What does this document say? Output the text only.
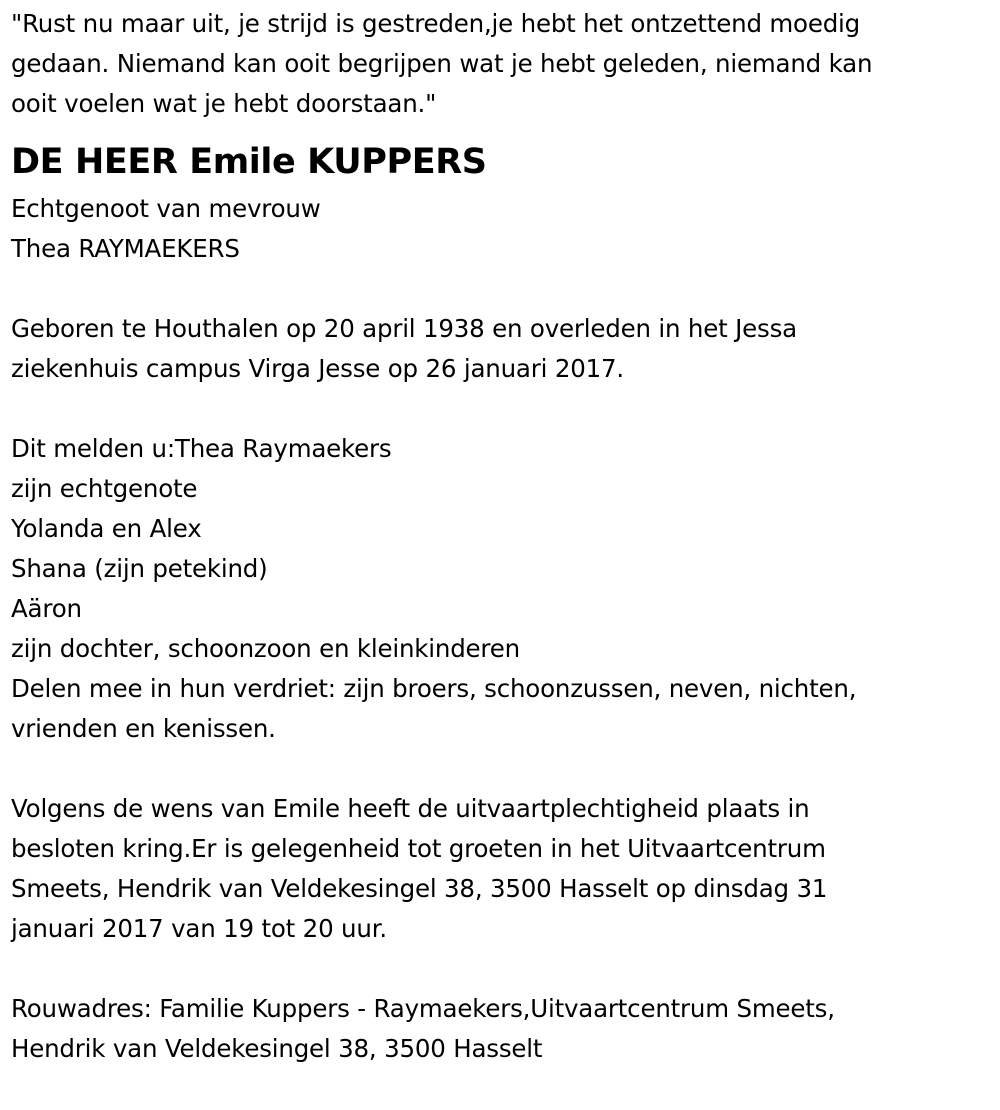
"Rust nu maar uit, je strijd is gestreden,je hebt het ontzettend moedig
gedaan. Niemand kan ooit begrijpen wat je hebt geleden, niemand kan
ooit voelen wat je hebt doorstaan."
DE HEER Emile KUPPERS
Echtgenoot van mevrouw
Thea RAYMAEKERS
Geboren te Houthalen op 20 april 1938 en overleden in het Jessa
ziekenhuis campus Virga Jesse op 26 januari 2017.
Dit melden u:Thea Raymaekers
zijn echtgenote
Yolanda en Alex
Shana (zijn petekind)
Aäron
zijn dochter, schoonzoon en kleinkinderen
Delen mee in hun verdriet: zijn broers, schoonzussen, neven, nichten,
vrienden en kenissen.
Volgens de wens van Emile heeft de uitvaartplechtigheid plaats in
besloten kring.Er is gelegenheid tot groeten in het Uitvaartcentrum
Smeets, Hendrik van Veldekesingel 38, 3500 Hasselt op dinsdag 31
januari 2017 van 19 tot 20 uur.
Rouwadres: Familie Kuppers - Raymaekers,Uitvaartcentrum Smeets,
Hendrik van Veldekesingel 38, 3500 Hasselt
